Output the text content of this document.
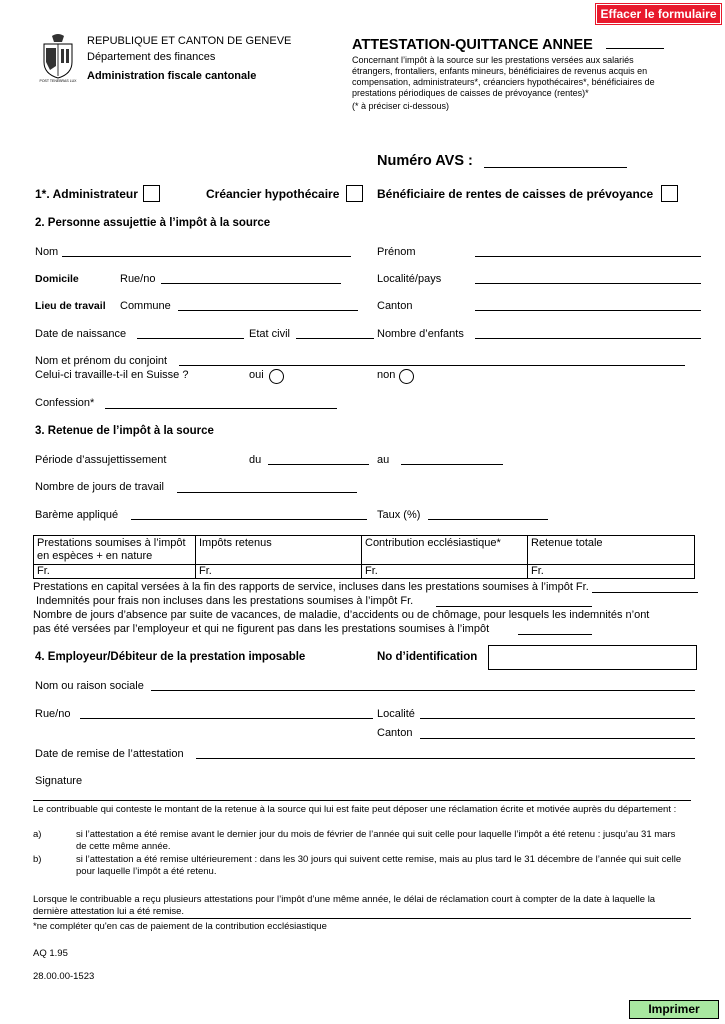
Effacer le formulaire
Imprimer
POST TENEBRAS LUX
REPUBLIQUE ET CANTON DE GENEVE
Département des finances
Administration fiscale cantonale
ATTESTATION-QUITTANCE ANNEE
Concernant l’impôt à la source sur les prestations versées aux salariés
étrangers, frontaliers, enfants mineurs, bénéficiaires de revenus acquis en
compensation, administrateurs*, créanciers hypothécaires*, bénéficiaires de
prestations périodiques de caisses de prévoyance (rentes)*
(* à préciser ci-dessous)
Numéro AVS :
1*. Administrateur	Créancier hypothécaire	Bénéficiaire de rentes de caisses de prévoyance
2. Personne assujettie à l’impôt à la source
Nom	Prénom
Domicile	Rue/no	Localité/pays
Lieu de travail Commune	Canton
Date de naissance	Etat civil	Nombre d’enfants
Nom et prénom du conjoint
Celui-ci travaille-t-il en Suisse ?	oui	non
Confession*
3. Retenue de l’impôt à la source
Période d’assujettissement	du	au
Nombre de jours de travail
Barème appliqué	Taux (%)
Prestations soumises à l’impôt en espèces + en nature	Impôts retenus	Contribution ecclésiastique*	Retenue totale
Fr.	Fr.	Fr.	Fr.
Prestations en capital versées à la fin des rapports de service, incluses dans les prestations soumises à l’impôt Fr.
Indemnités pour frais non incluses dans les prestations soumises à l’impôt Fr.
Nombre de jours d’absence par suite de vacances, de maladie, d’accidents ou de chômage, pour lesquels les indemnités n’ont
pas été versées par l’employeur et qui ne figurent pas dans les prestations soumises à l’impôt
4. Employeur/Débiteur de la prestation imposable	No d’identification
Nom ou raison sociale
Rue/no	Localité
Canton
Date de remise de l’attestation
Signature
Le contribuable qui conteste le montant de la retenue à la source qui lui est faite peut déposer une réclamation écrite et motivée auprès du département :
a)	si l’attestation a été remise avant le dernier jour du mois de février de l’année qui suit celle pour laquelle l’impôt a été retenu : jusqu’au 31 mars de cette même année.
b)	si l’attestation a été remise ultérieurement : dans les 30 jours qui suivent cette remise, mais au plus tard le 31 décembre de l’année qui suit celle pour laquelle l’impôt a été retenu.
Lorsque le contribuable a reçu plusieurs attestations pour l’impôt d’une même année, le délai de réclamation court à compter de la date à laquelle la dernière attestation lui a été remise.
*ne compléter qu'en cas de paiement de la contribution ecclésiastique
AQ 1.95
28.00.00-1523
